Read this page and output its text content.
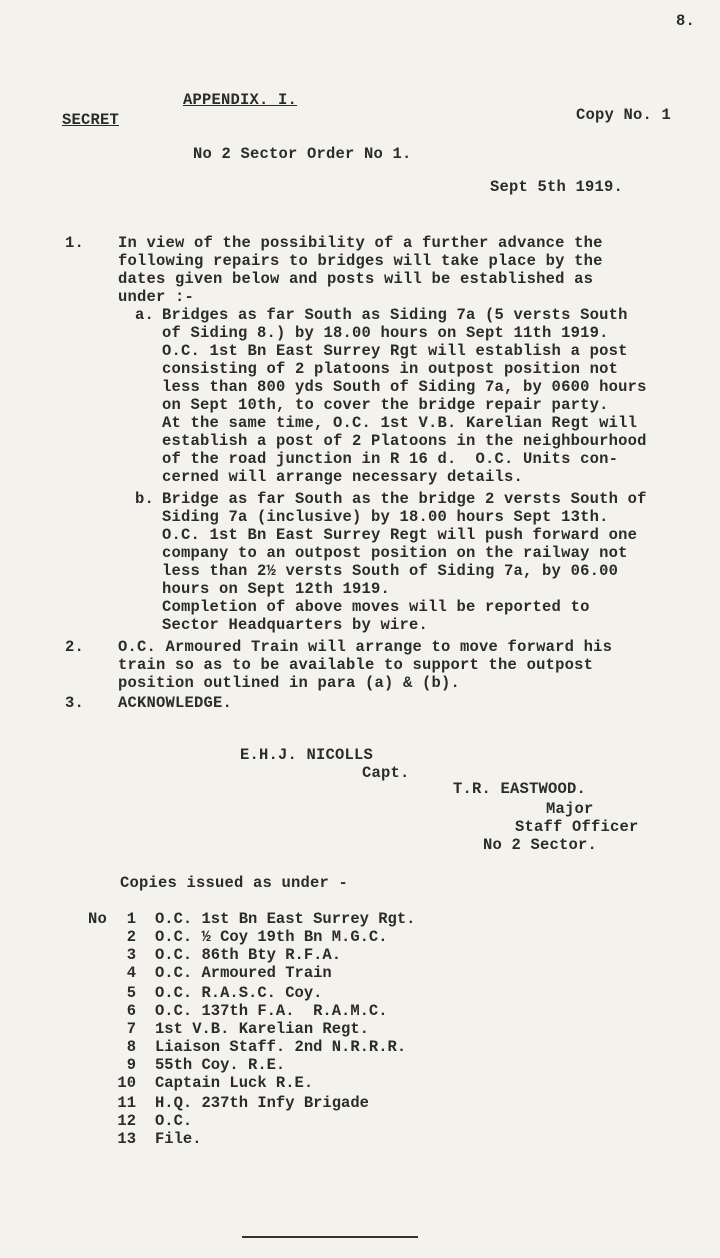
8.
APPENDIX. I.
SECRET	Copy No. 1
No 2 Sector Order No 1.
Sept 5th 1919.
1. In view of the possibility of a further advance the
following repairs to bridges will take place by the
dates given below and posts will be established as
under :-
a. Bridges as far South as Siding 7a (5 versts South
of Siding 8.) by 18.00 hours on Sept 11th 1919.
O.C. 1st Bn East Surrey Rgt will establish a post
consisting of 2 platoons in outpost position not
less than 800 yds South of Siding 7a, by 0600 hours
on Sept 10th, to cover the bridge repair party.
At the same time, O.C. 1st V.B. Karelian Regt will
establish a post of 2 Platoons in the neighbourhood
of the road junction in R 16 d.  O.C. Units con-
cerned will arrange necessary details.
b. Bridge as far South as the bridge 2 versts South of
Siding 7a (inclusive) by 18.00 hours Sept 13th.
O.C. 1st Bn East Surrey Regt will push forward one
company to an outpost position on the railway not
less than 2½ versts South of Siding 7a, by 06.00
hours on Sept 12th 1919.
Completion of above moves will be reported to
Sector Headquarters by wire.
2. O.C. Armoured Train will arrange to move forward his
train so as to be available to support the outpost
position outlined in para (a) & (b).
3. ACKNOWLEDGE.
E.H.J. NICOLLS
Capt.
T.R. EASTWOOD.
Major
Staff Officer
No 2 Sector.
Copies issued as under -
No	1 O.C. 1st Bn East Surrey Rgt.
2 O.C. ½ Coy 19th Bn M.G.C.
3 O.C. 86th Bty R.F.A.
4 O.C. Armoured Train
5 O.C. R.A.S.C. Coy.
6 O.C. 137th F.A.  R.A.M.C.
7 1st V.B. Karelian Regt.
8 Liaison Staff. 2nd N.R.R.R.
9 55th Coy. R.E.
10 Captain Luck R.E.
11 H.Q. 237th Infy Brigade
12 O.C.
13 File.
